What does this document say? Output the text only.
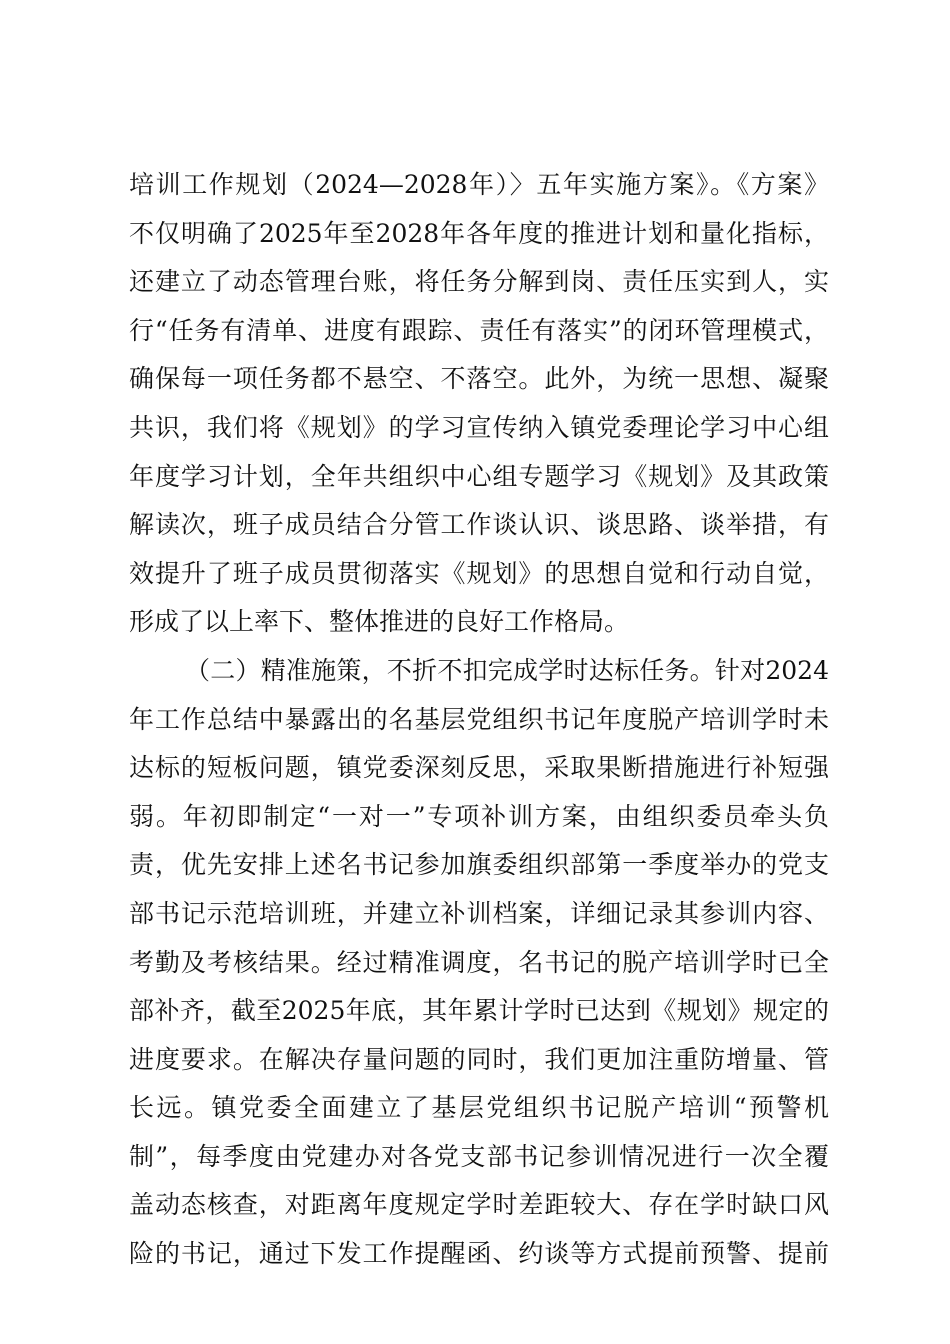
培训工作规划（2024—2028年）〉五年实施方案》。《方案》
不仅明确了2025年至2028年各年度的推进计划和量化指标，
还建立了动态管理台账，将任务分解到岗、责任压实到人，实
行“任务有清单、进度有跟踪、责任有落实”的闭环管理模式，
确保每一项任务都不悬空、不落空。此外，为统一思想、凝聚
共识，我们将《规划》的学习宣传纳入镇党委理论学习中心组
年度学习计划，全年共组织中心组专题学习《规划》及其政策
解读次，班子成员结合分管工作谈认识、谈思路、谈举措，有
效提升了班子成员贯彻落实《规划》的思想自觉和行动自觉，
形成了以上率下、整体推进的良好工作格局。
（二）精准施策，不折不扣完成学时达标任务。针对2024
年工作总结中暴露出的名基层党组织书记年度脱产培训学时未
达标的短板问题，镇党委深刻反思，采取果断措施进行补短强
弱。年初即制定“一对一”专项补训方案，由组织委员牵头负
责，优先安排上述名书记参加旗委组织部第一季度举办的党支
部书记示范培训班，并建立补训档案，详细记录其参训内容、
考勤及考核结果。经过精准调度，名书记的脱产培训学时已全
部补齐，截至2025年底，其年累计学时已达到《规划》规定的
进度要求。在解决存量问题的同时，我们更加注重防增量、管
长远。镇党委全面建立了基层党组织书记脱产培训“预警机
制”，每季度由党建办对各党支部书记参训情况进行一次全覆
盖动态核查，对距离年度规定学时差距较大、存在学时缺口风
险的书记，通过下发工作提醒函、约谈等方式提前预警、提前
